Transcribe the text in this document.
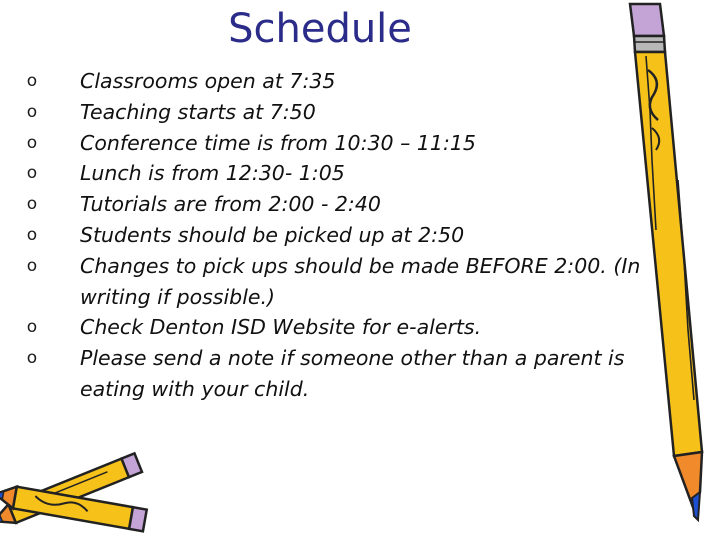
Schedule
o	Classrooms open at 7:35
o	Teaching starts at 7:50
o	Conference time is from 10:30 – 11:15
o	Lunch is from 12:30- 1:05
o	Tutorials are from 2:00 - 2:40
o	Students should be picked up at 2:50
o	Changes to pick ups should be made BEFORE 2:00. (In writing if possible.)
o	Check Denton ISD Website for e-alerts.
o	Please send a note if someone other than a parent is eating with your child.
